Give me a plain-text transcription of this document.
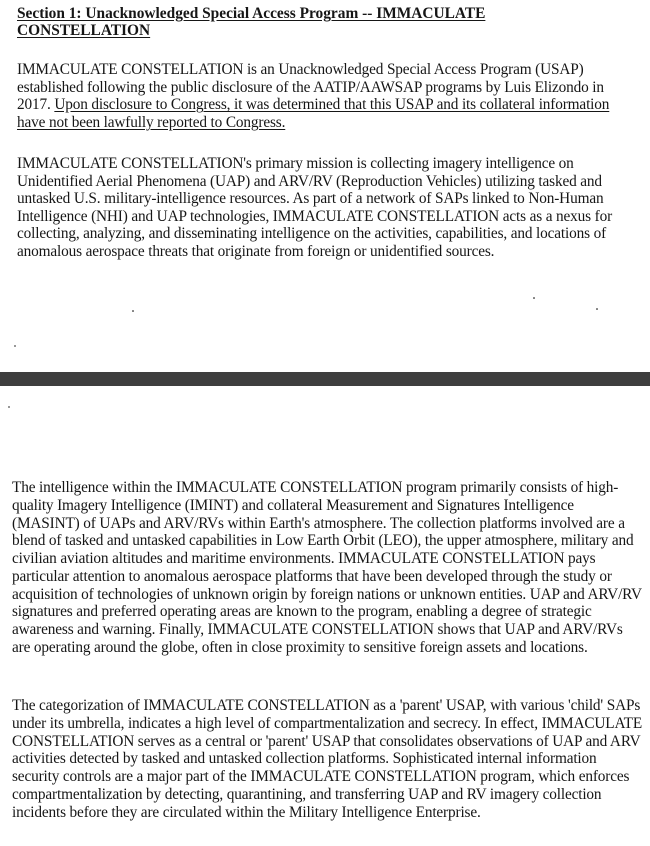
Section 1: Unacknowledged Special Access Program -- IMMACULATE CONSTELLATION

IMMACULATE CONSTELLATION is an Unacknowledged Special Access Program (USAP) established following the public disclosure of the AATIP/AAWSAP programs by Luis Elizondo in 2017. Upon disclosure to Congress, it was determined that this USAP and its collateral information have not been lawfully reported to Congress.

IMMACULATE CONSTELLATION's primary mission is collecting imagery intelligence on Unidentified Aerial Phenomena (UAP) and ARV/RV (Reproduction Vehicles) utilizing tasked and untasked U.S. military-intelligence resources. As part of a network of SAPs linked to Non-Human Intelligence (NHI) and UAP technologies, IMMACULATE CONSTELLATION acts as a nexus for collecting, analyzing, and disseminating intelligence on the activities, capabilities, and locations of anomalous aerospace threats that originate from foreign or unidentified sources.

The intelligence within the IMMACULATE CONSTELLATION program primarily consists of high-quality Imagery Intelligence (IMINT) and collateral Measurement and Signatures Intelligence (MASINT) of UAPs and ARV/RVs within Earth's atmosphere. The collection platforms involved are a blend of tasked and untasked capabilities in Low Earth Orbit (LEO), the upper atmosphere, military and civilian aviation altitudes and maritime environments. IMMACULATE CONSTELLATION pays particular attention to anomalous aerospace platforms that have been developed through the study or acquisition of technologies of unknown origin by foreign nations or unknown entities. UAP and ARV/RV signatures and preferred operating areas are known to the program, enabling a degree of strategic awareness and warning. Finally, IMMACULATE CONSTELLATION shows that UAP and ARV/RVs are operating around the globe, often in close proximity to sensitive foreign assets and locations.

The categorization of IMMACULATE CONSTELLATION as a 'parent' USAP, with various 'child' SAPs under its umbrella, indicates a high level of compartmentalization and secrecy. In effect, IMMACULATE CONSTELLATION serves as a central or 'parent' USAP that consolidates observations of UAP and ARV activities detected by tasked and untasked collection platforms. Sophisticated internal information security controls are a major part of the IMMACULATE CONSTELLATION program, which enforces compartmentalization by detecting, quarantining, and transferring UAP and RV imagery collection incidents before they are circulated within the Military Intelligence Enterprise.
